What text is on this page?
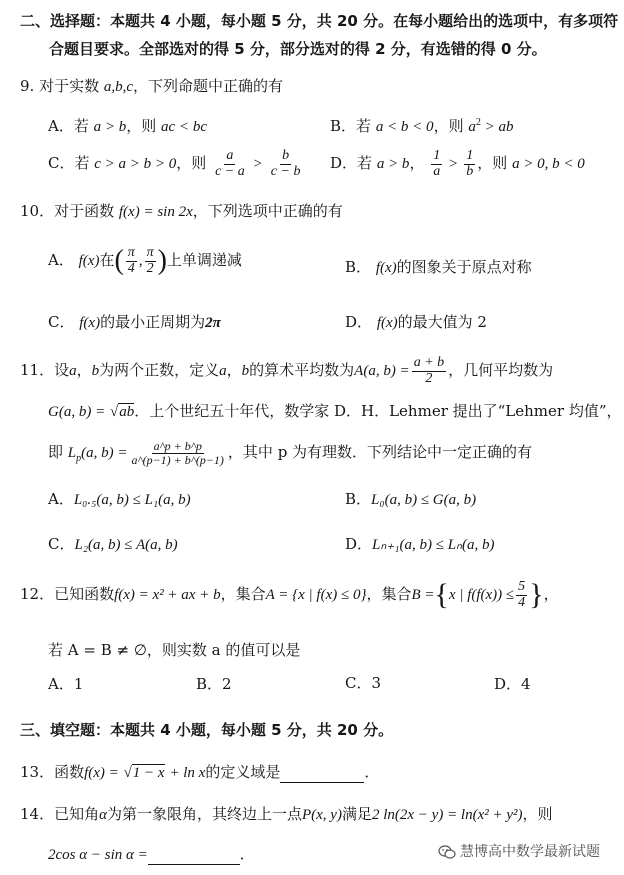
二、选择题：本题共 4 小题，每小题 5 分，共 20 分。在每小题给出的选项中，有多项符
合题目要求。全部选对的得 5 分，部分选对的得 2 分，有选错的得 0 分。
9. 对于实数 a,b,c，下列命题中正确的有
A．若 a > b，则 ac < bc	B．若 a < b < 0，则 $a^2$ > ab
C．若 c > a > b > 0，则 $\frac{a}{c - a} > \frac{b}{c - b}$ D．若 a > b， $\frac{1}{a} > \frac{1}{b}$ ，则 a > 0, b < 0
10．对于函数 f(x) = sin 2x，下列选项中正确的有
A． f(x)在( $\frac{\pi}{4}$ , $\frac{\pi}{2}$ )上单调递减	B． f(x)的图象关于原点对称
C． f(x)的最小正周期为2π	D． f(x)的最大值为 2
11．设a，b为两个正数，定义a，b的算术平均数为A(a, $b) = \frac{a + b}{2}$ ，几何平均数为
G(a, b) = √ab．上个世纪五十年代，数学家 D．H．Lehmer 提出了“Lehmer 均值”，
即 $L_p(a$, $b) = \frac{a\^{}p + b\^{}p}{a\^{}(p-1) + b\^{}(p-1)}$ ，其中 p 为有理数．下列结论中一定正确的有
A．L₀.₅(a, b) ≤ L₁(a, b)	B．L₀(a, b) ≤ G(a, b)
C．L₂(a, b) ≤ A(a, b)	D．Lₙ₊₁(a, b) ≤ Lₙ(a, b)
12．已知函数f(x) = x² + ax + b，集合A = {x | f(x) ≤ 0}，集合B ={x | $f(f(x)) \le \frac{5}{4}$ }，
若 A = B ≠ ∅，则实数 a 的值可以是
A．1	B．2	C．3	D．4
三、填空题：本题共 4 小题，每小题 5 分，共 20 分。
13．函数f(x) = √1 − x + ln x的定义域是	．
14．已知角α为第一象限角，其终边上一点P(x, y)满足2 ln(2x − y) = ln(x² + y²)，则
2cos α − sin α =	．	慧博高中数学最新试题
